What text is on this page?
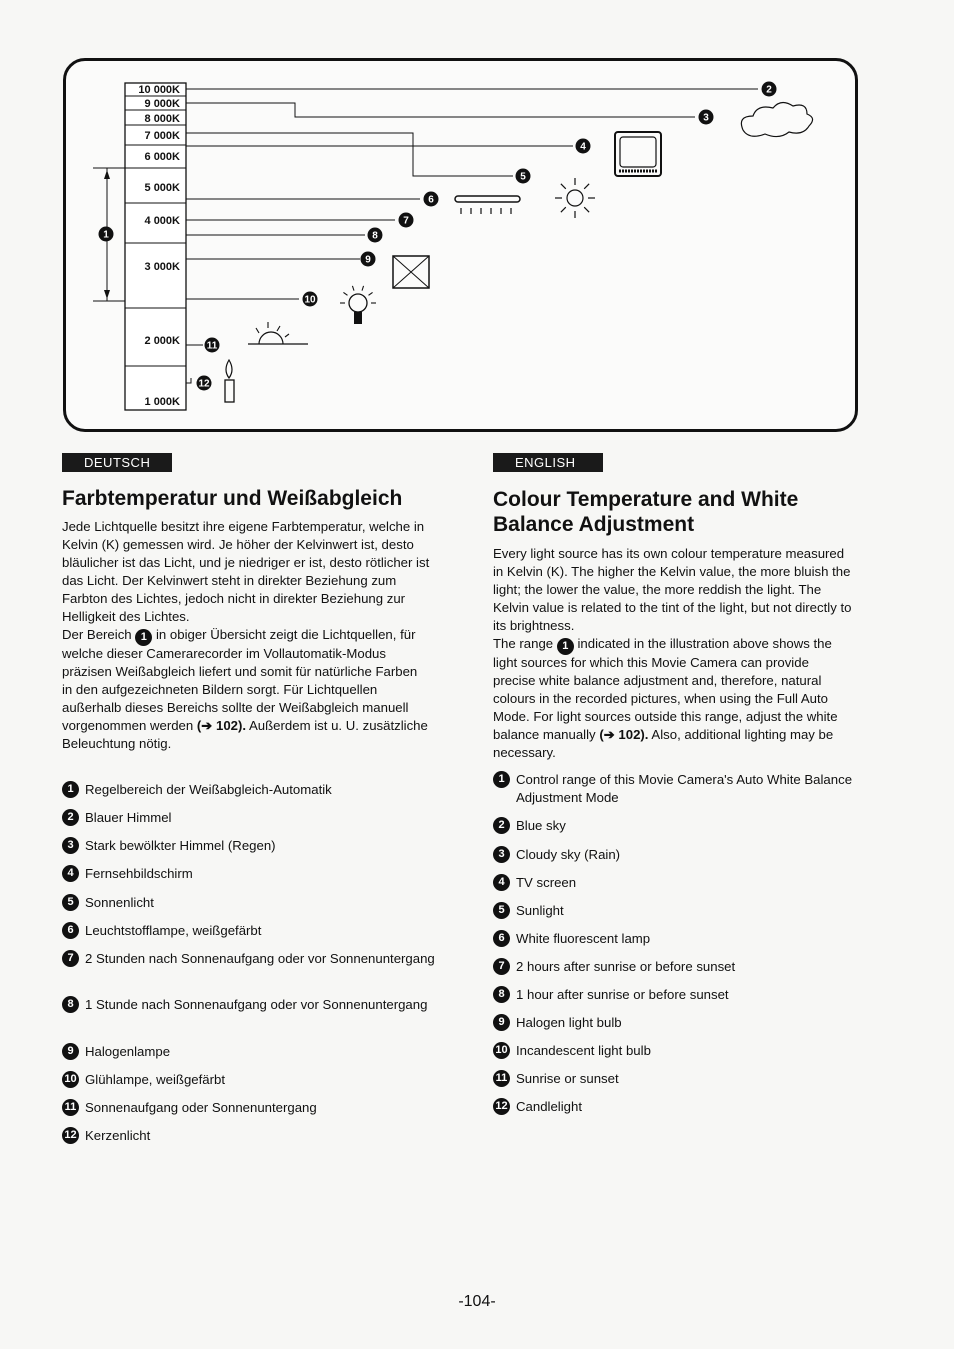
10 000K
9 000K
8 000K
7 000K
6 000K
5 000K
4 000K
3 000K
2 000K
1 000K
1
2
3
4
5
6
7
8
9
10
11
12
DEUTSCH
Farbtemperatur und Weißabgleich

Jede Lichtquelle besitzt ihre eigene Farbtemperatur, welche in Kelvin (K) gemessen wird. Je höher der Kelvinwert ist, desto bläulicher ist das Licht, und je niedriger er ist, desto rötlicher ist das Licht. Der Kelvinwert steht in direkter Beziehung zum Farbton des Lichtes, jedoch nicht in direkter Beziehung zur Helligkeit des Lichtes.

Der Bereich 1 in obiger Übersicht zeigt die Lichtquellen, für welche dieser Camerarecorder im Vollautomatik-Modus präzisen Weißabgleich liefert und somit für natürliche Farben in den aufgezeichneten Bildern sorgt. Für Lichtquellen außerhalb dieses Bereichs sollte der Weißabgleich manuell vorgenommen werden (➔ 102). Außerdem ist u. U. zusätzliche Beleuchtung nötig.

1 Regelbereich der Weißabgleich-Automatik
2 Blauer Himmel
3 Stark bewölkter Himmel (Regen)
4 Fernsehbildschirm
5 Sonnenlicht
6 Leuchtstofflampe, weißgefärbt
7 2 Stunden nach Sonnenaufgang oder vor Sonnenuntergang
8 1 Stunde nach Sonnenaufgang oder vor Sonnenuntergang
9 Halogenlampe
10 Glühlampe, weißgefärbt
11 Sonnenaufgang oder Sonnenuntergang
12 Kerzenlicht
ENGLISH
Colour Temperature and White
Balance Adjustment

Every light source has its own colour temperature measured in Kelvin (K). The higher the Kelvin value, the more bluish the light; the lower the value, the more reddish the light. The Kelvin value is related to the tint of the light, but not directly to its brightness.

The range 1 indicated in the illustration above shows the light sources for which this Movie Camera can provide precise white balance adjustment and, therefore, natural colours in the recorded pictures, when using the Full Auto Mode. For light sources outside this range, adjust the white balance manually (➔ 102). Also, additional lighting may be necessary.

1 Control range of this Movie Camera's Auto White Balance Adjustment Mode
2 Blue sky
3 Cloudy sky (Rain)
4 TV screen
5 Sunlight
6 White fluorescent lamp
7 2 hours after sunrise or before sunset
8 1 hour after sunrise or before sunset
9 Halogen light bulb
10 Incandescent light bulb
11 Sunrise or sunset
12 Candlelight
-104-
